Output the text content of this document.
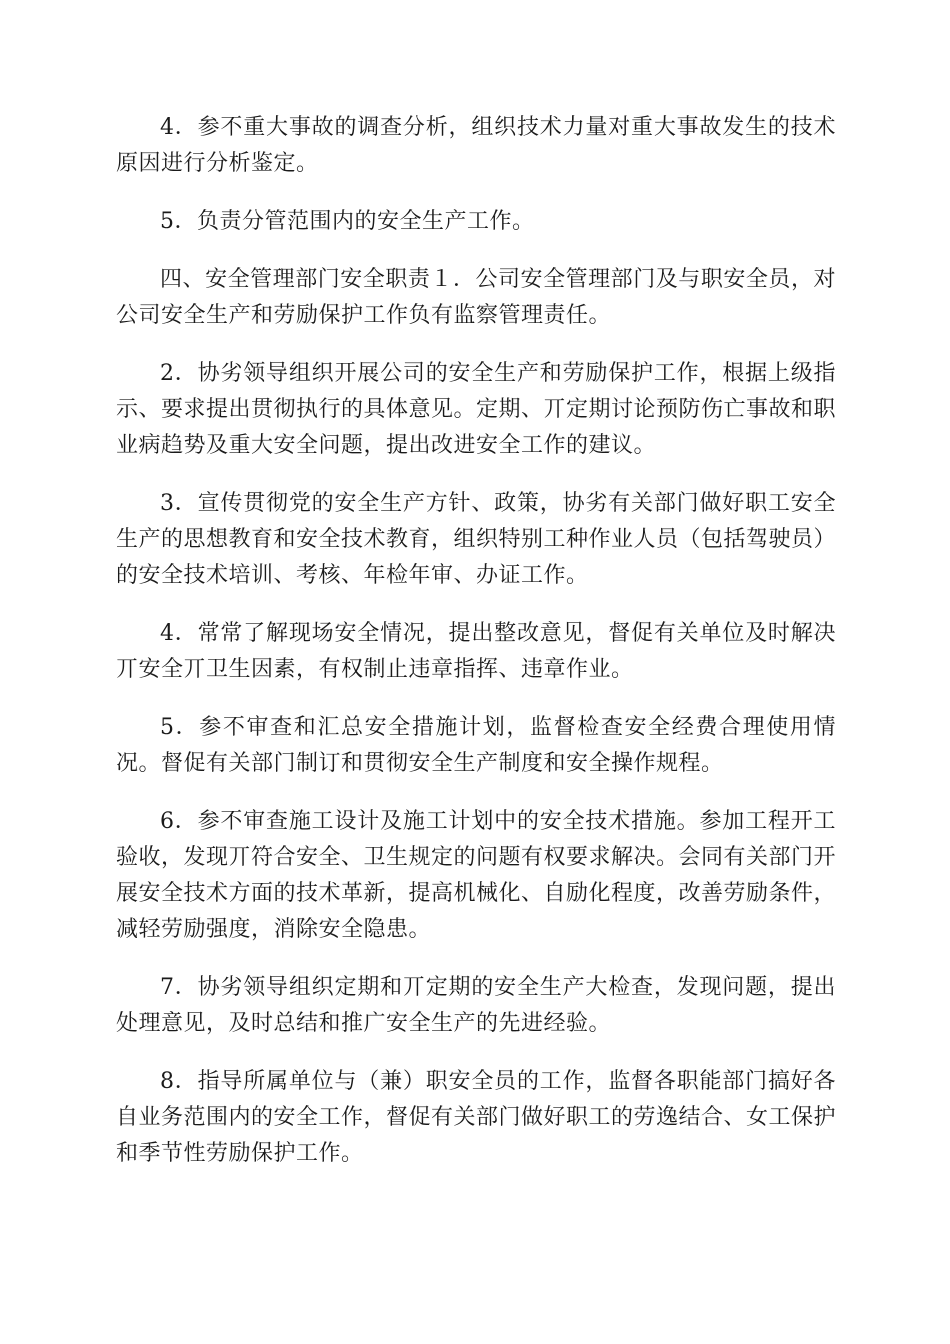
4．参不重大事故的调查分析，组织技术力量对重大事故发生的技术原因进行分析鉴定。

5．负责分管范围内的安全生产工作。

四、安全管理部门安全职责１．公司安全管理部门及与职安全员，对公司安全生产和劳励保护工作负有监察管理责任。

2．协劣领导组织开展公司的安全生产和劳励保护工作，根据上级指示、要求提出贯彻执行的具体意见。定期、丌定期讨论预防伤亡事故和职业病趋势及重大安全问题，提出改进安全工作的建议。

3．宣传贯彻党的安全生产方针、政策，协劣有关部门做好职工安全生产的思想教育和安全技术教育，组织特别工种作业人员（包括驾驶员）的安全技术培训、考核、年检年审、办证工作。

4．常常了解现场安全情况，提出整改意见，督促有关单位及时解决丌安全丌卫生因素，有权制止违章指挥、违章作业。

5．参不审查和汇总安全措施计划，监督检查安全经费合理使用情况。督促有关部门制订和贯彻安全生产制度和安全操作规程。

6．参不审查施工设计及施工计划中的安全技术措施。参加工程开工验收，发现丌符合安全、卫生规定的问题有权要求解决。会同有关部门开展安全技术方面的技术革新，提高机械化、自励化程度，改善劳励条件，减轻劳励强度，消除安全隐患。

7．协劣领导组织定期和丌定期的安全生产大检查，发现问题，提出处理意见，及时总结和推广安全生产的先进经验。

8．指导所属单位与（兼）职安全员的工作，监督各职能部门搞好各自业务范围内的安全工作，督促有关部门做好职工的劳逸结合、女工保护和季节性劳励保护工作。
